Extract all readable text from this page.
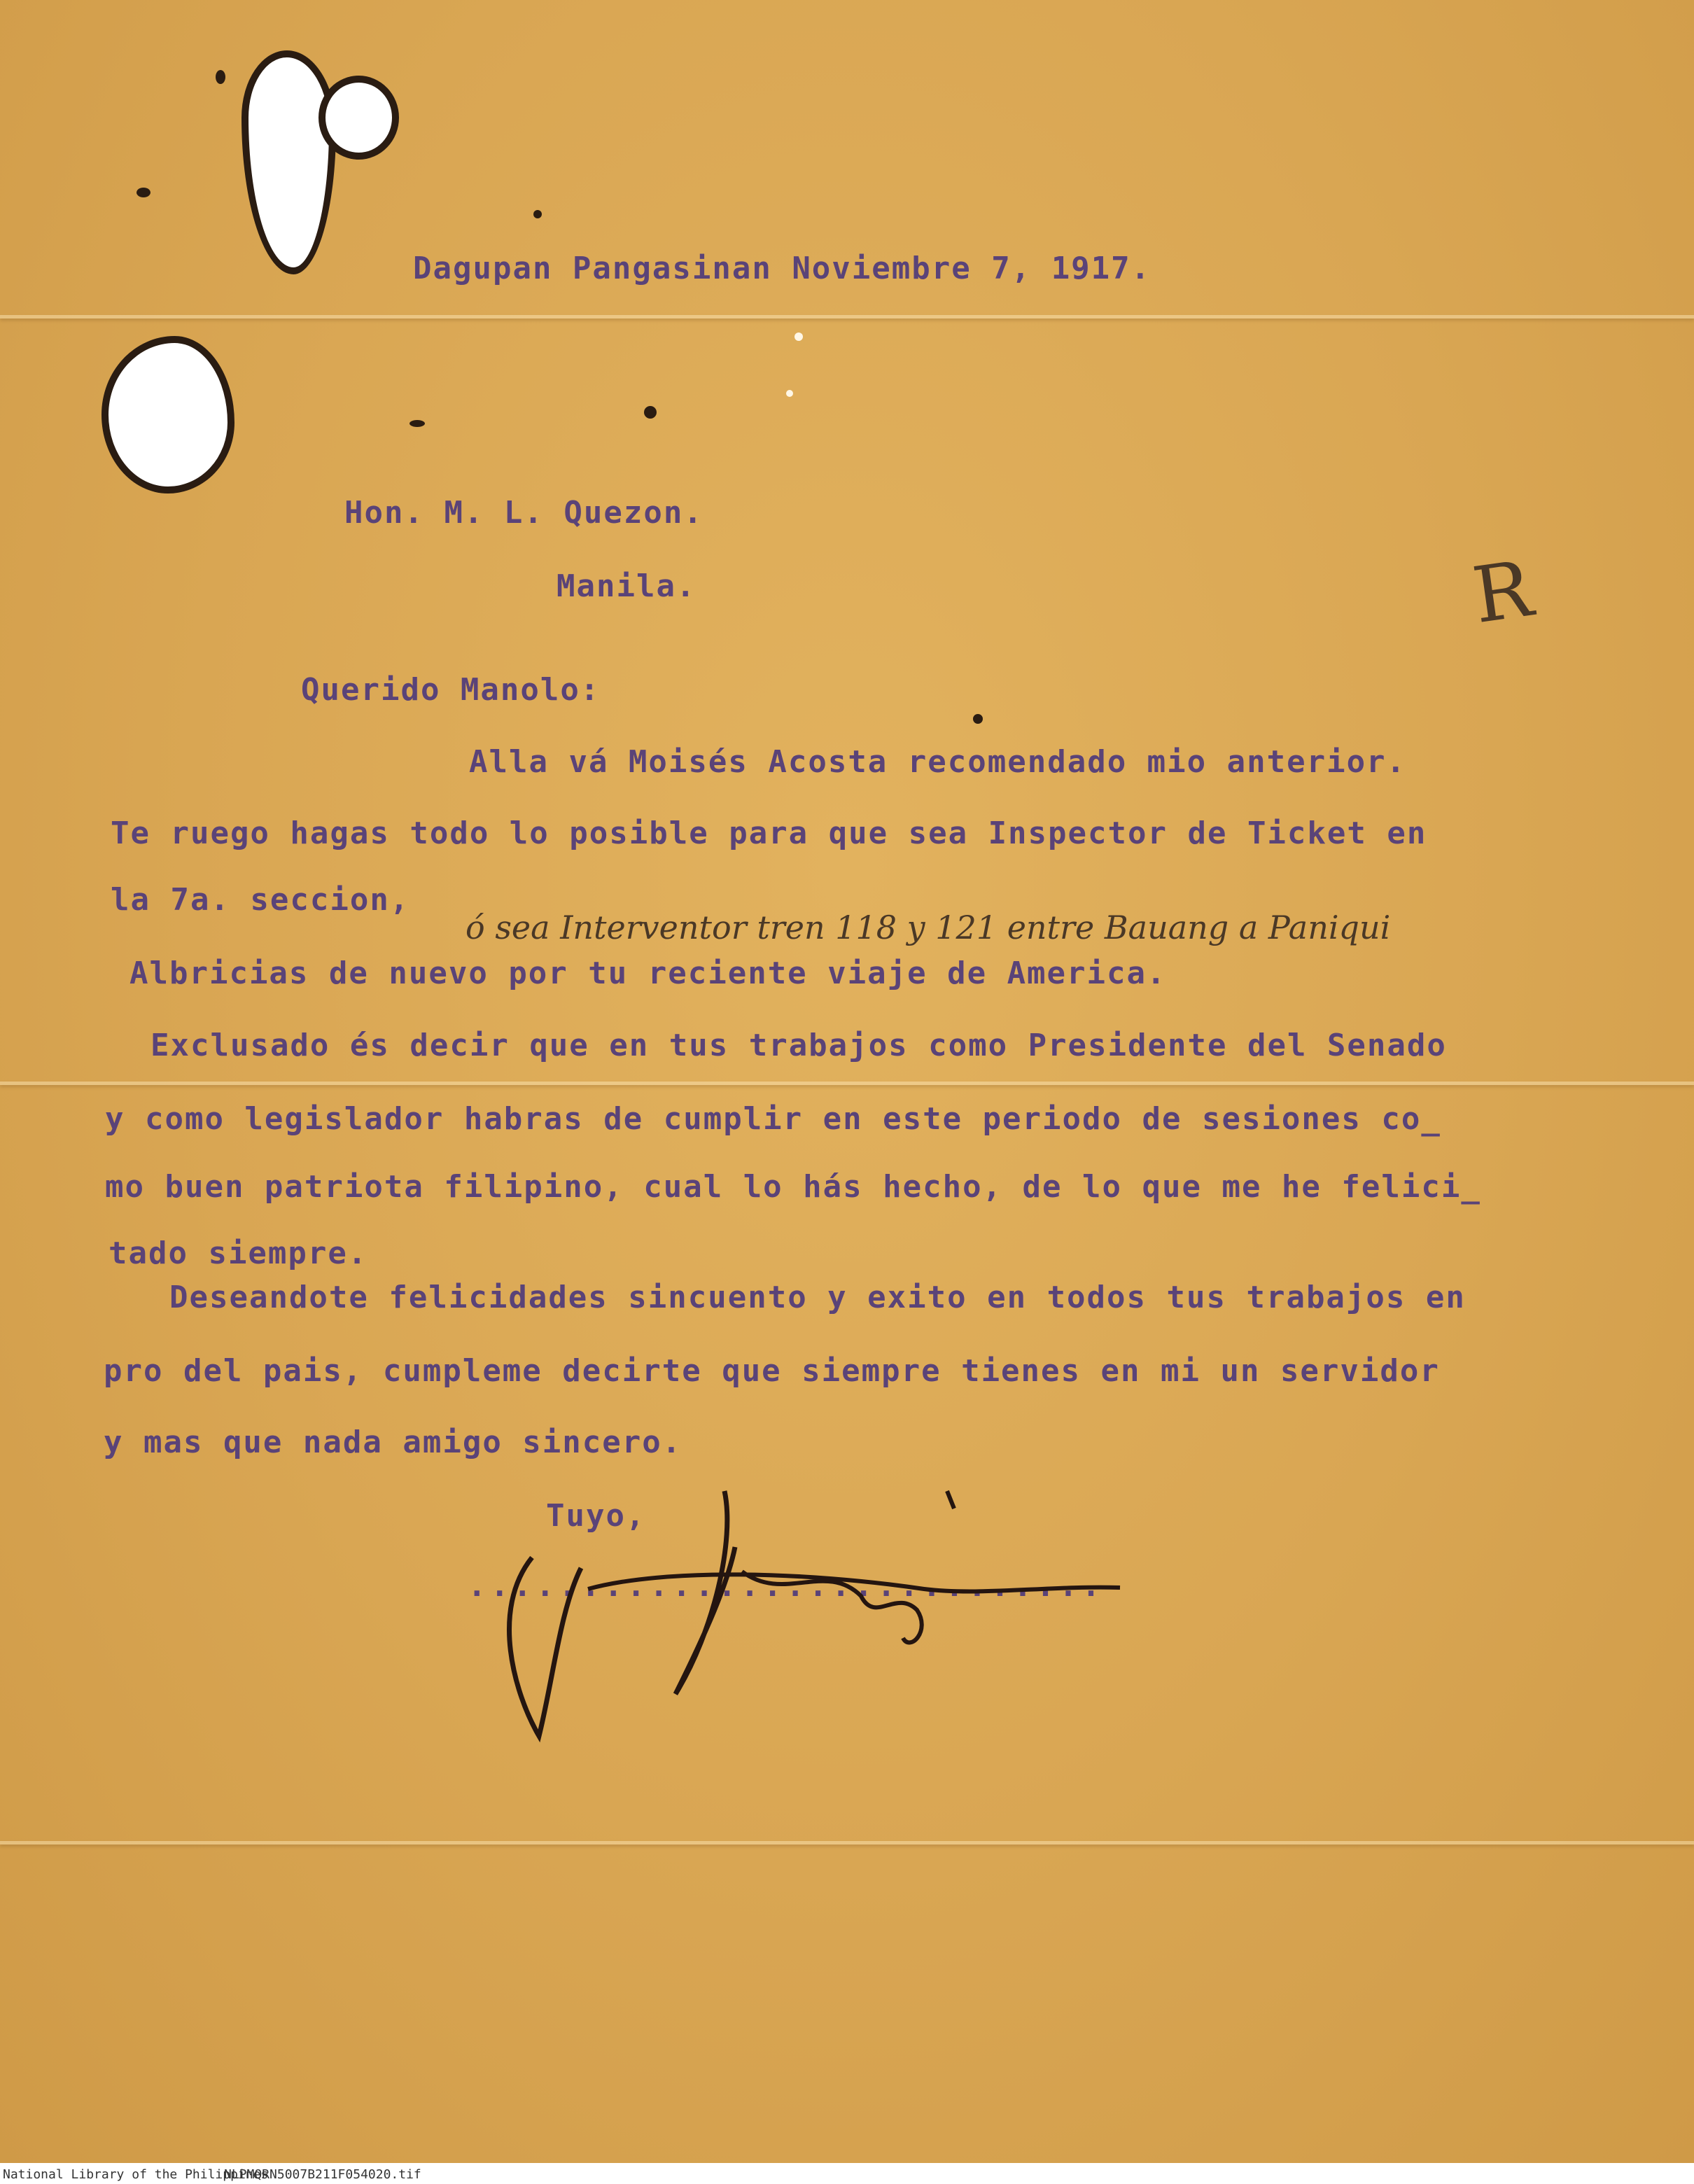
Dagupan Pangasinan Noviembre 7, 1917.

Hon. M. L. Quezon.

Manila.

Querido Manolo:

Alla vá Moisés Acosta recomendado mio anterior.

Te ruego hagas todo lo posible para que sea Inspector de Ticket en

la 7a. seccion,

ó sea Interventor tren 118 y 121 entre Bauang a Paniqui

Albricias de nuevo por tu reciente viaje de America.

Exclusado és decir que en tus trabajos como Presidente del Senado

y como legislador habras de cumplir en este periodo de sesiones co_

mo buen patriota filipino, cual lo hás hecho, de lo que me he felici_

tado siempre.

Deseandote felicidades sincuento y exito en todos tus trabajos en

pro del pais, cumpleme decirte que siempre tienes en mi un servidor

y mas que nada amigo sincero.

Tuyo,

............................

R

National Library of the Philippines

NLPMQRN5007B211F054020.tif
